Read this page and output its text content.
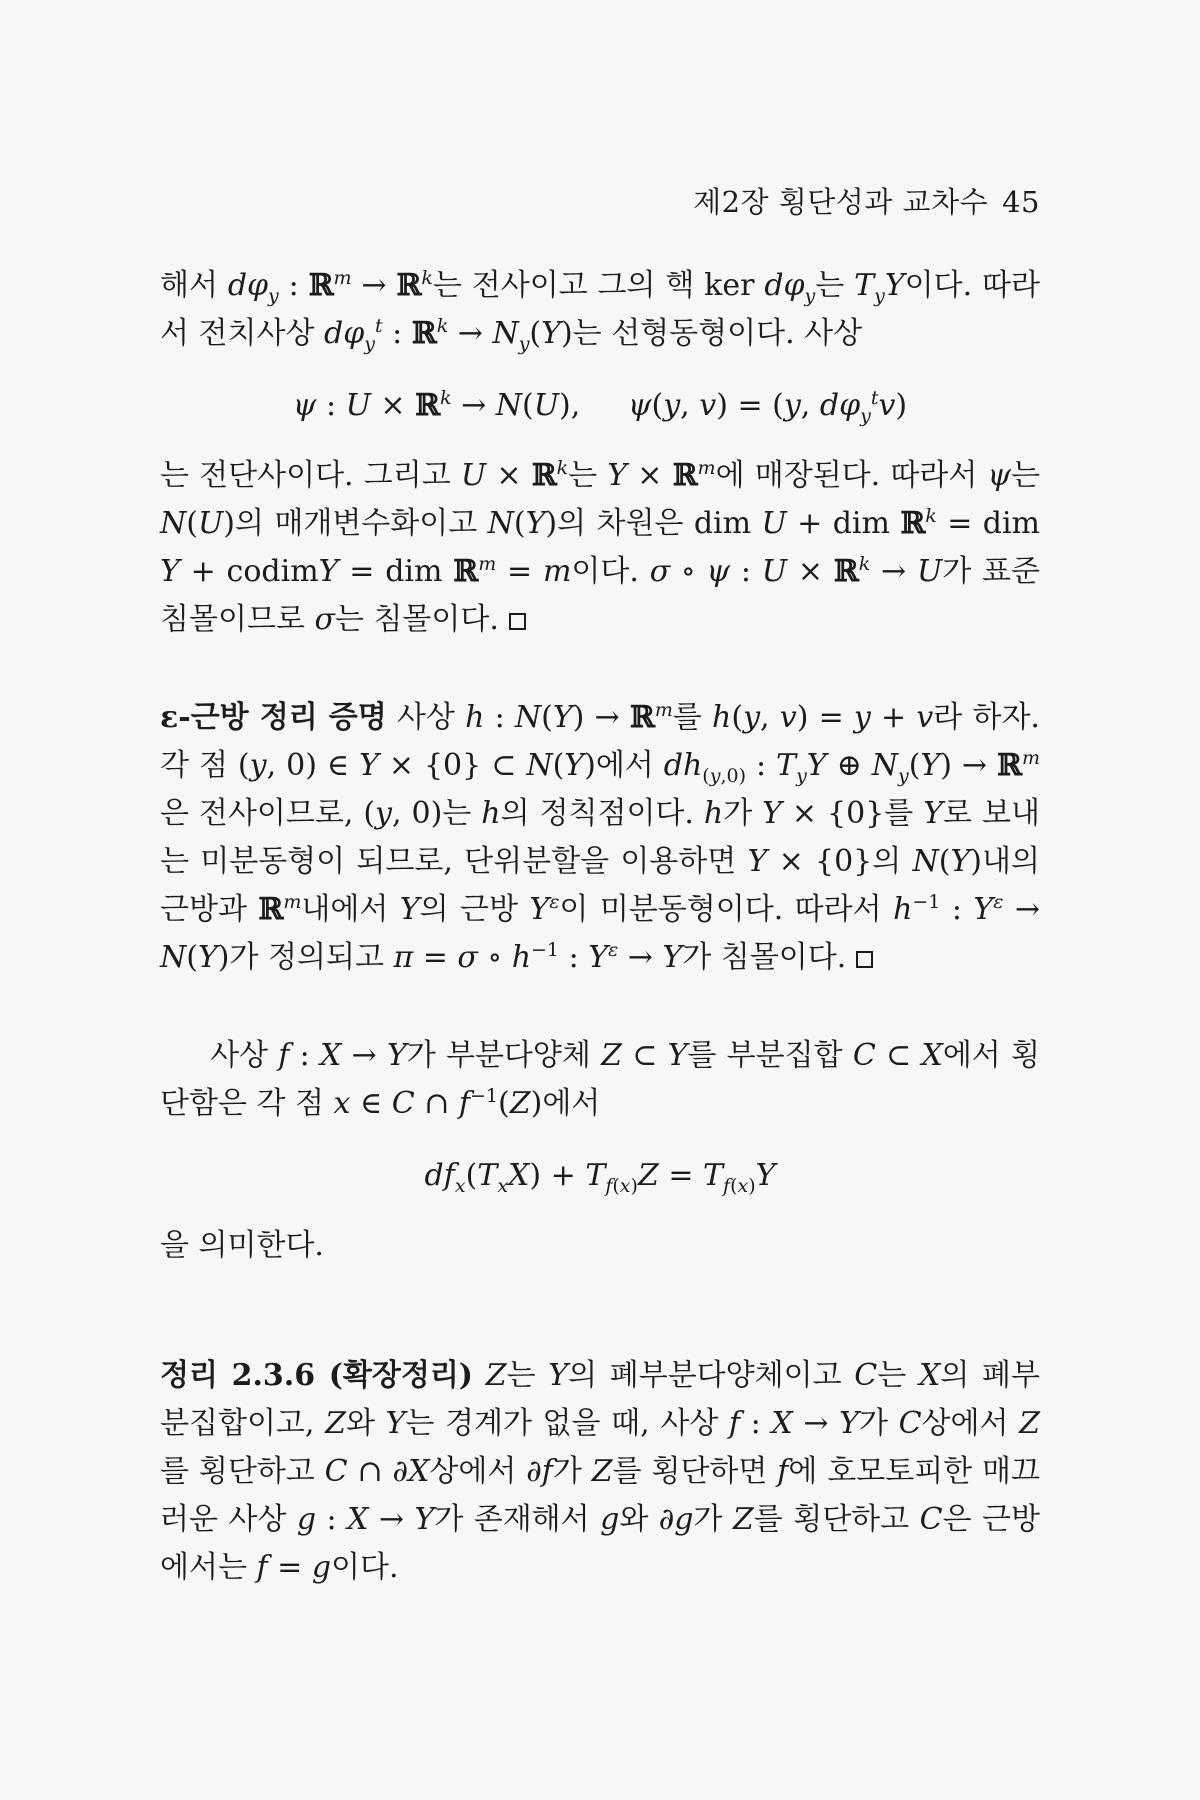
제2장 횡단성과 교차수 45

해서 $d\varphi_y$ : ℝ$^m$ → ℝ$^k$는 전사이고 그의 핵 ker $d\varphi_y$는 $T_yY$이다. 따라서 전치사상 $d\varphi_y^t$ : ℝ$^k$ → $N_y(Y)$는 선형동형이다. 사상

ψ : U × ℝ$^k$ → N(U),     ψ(y, v) = (y, $d\varphi_y^tv$)

는 전단사이다. 그리고 U × ℝ$^k$는 Y × ℝ$^m$에 매장된다. 따라서 ψ는 N(U)의 매개변수화이고 N(Y)의 차원은 dim U + dim ℝ$^k$ = dim Y + codimY = dim ℝ$^m$ = m이다. σ ∘ ψ : U × ℝ$^k$ → U가 표준침몰이므로 σ는 침몰이다.

ε-근방 정리 증명 사상 h : N(Y) → ℝ$^m$를 h(y, v) = y + v라 하자. 각 점 (y, 0) ∈ Y × {0} ⊂ N(Y)에서 $dh_{(y,0)}$ : $T_yY$ ⊕ $N_y(Y)$ → ℝ$^m$은 전사이므로, (y, 0)는 h의 정칙점이다. h가 Y × {0}를 Y로 보내는 미분동형이 되므로, 단위분할을 이용하면 Y × {0}의 N(Y)내의 근방과 ℝ$^m$내에서 Y의 근방 $Y^\varepsilon$이 미분동형이다. 따라서 $h^{-1}$ : $Y^\varepsilon \to N(Y)$가 정의되고 π = σ ∘ $h^{-1}$ : $Y^\varepsilon \to Y$가 침몰이다.

사상 f : X → Y가 부분다양체 Z ⊂ Y를 부분집합 C ⊂ X에서 횡단함은 각 점 x ∈ C ∩ $f^{-1}(Z)$에서

$df_x(T_xX) + T_{f(x)}Z = T_{f(x)}Y$

을 의미한다.

정리 2.3.6 (확장정리) Z는 Y의 폐부분다양체이고 C는 X의 폐부분집합이고, Z와 Y는 경계가 없을 때, 사상 f : X → Y가 C상에서 Z를 횡단하고 C ∩ ∂X상에서 ∂f가 Z를 횡단하면 f에 호모토피한 매끄러운 사상 g : X → Y가 존재해서 g와 ∂g가 Z를 횡단하고 C은 근방에서는 f = g이다.
